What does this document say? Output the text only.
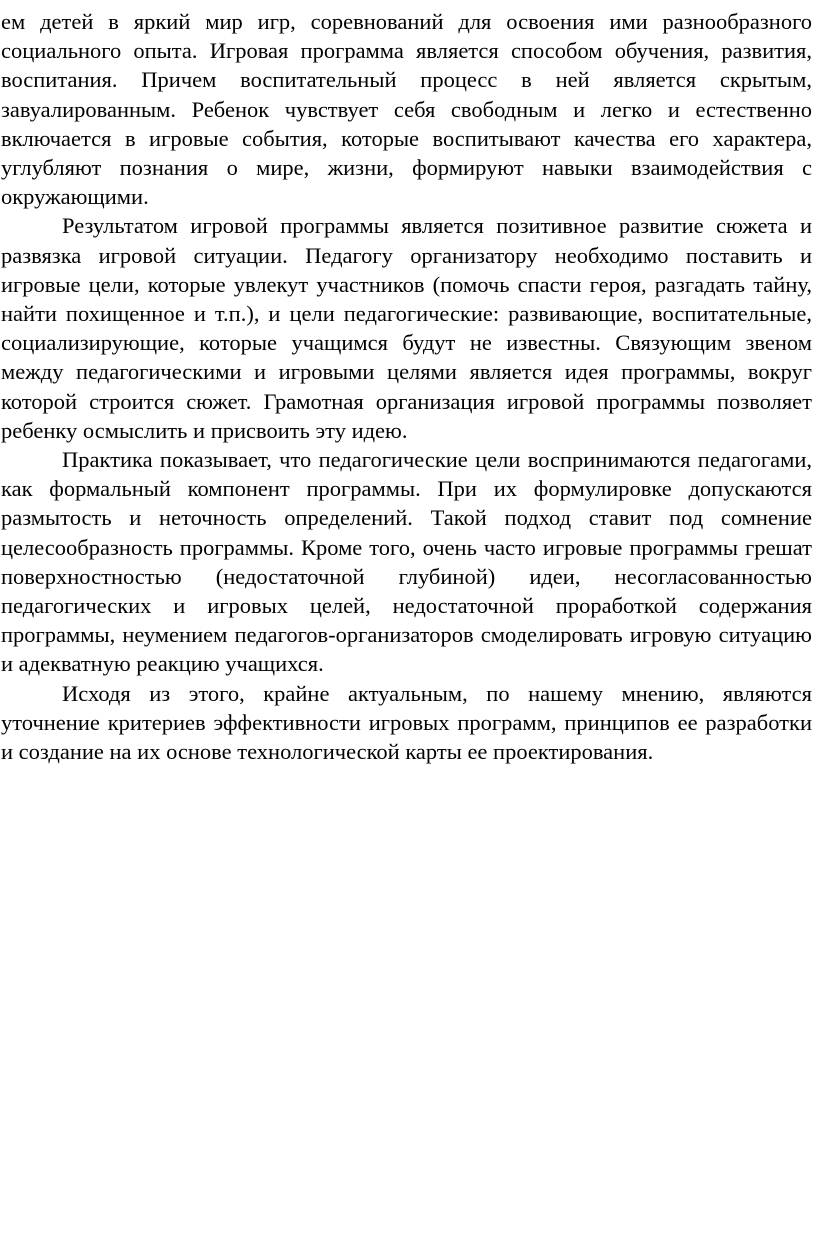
ем детей в яркий мир игр, соревнований для освоения ими разнообразного социального опыта. Игровая программа является способом обучения, развития, воспитания. Причем воспитательный процесс в ней является скрытым, завуалированным. Ребенок чувствует себя свободным и легко и естественно включается в игровые события, которые воспитывают качества его характера, углубляют познания о мире, жизни, формируют навыки взаимодействия с окружающими.

Результатом игровой программы является позитивное развитие сюжета и развязка игровой ситуации. Педагогу организатору необходимо поставить и игровые цели, которые увлекут участников (помочь спасти героя, разгадать тайну, найти похищенное и т.п.), и цели педагогические: развивающие, воспитательные, социализирующие, которые учащимся будут не известны. Связующим звеном между педагогическими и игровыми целями является идея программы, вокруг которой строится сюжет. Грамотная организация игровой программы позволяет ребенку осмыслить и присвоить эту идею.

Практика показывает, что педагогические цели воспринимаются педагогами, как формальный компонент программы. При их формулировке допускаются размытость и неточность определений. Такой подход ставит под сомнение целесообразность программы. Кроме того, очень часто игровые программы грешат поверхностностью (недостаточной глубиной) идеи, несогласованностью педагогических и игровых целей, недостаточной проработкой содержания программы, неумением педагогов-организаторов смоделировать игровую ситуацию и адекватную реакцию учащихся.

Исходя из этого, крайне актуальным, по нашему мнению, являются уточнение критериев эффективности игровых программ, принципов ее разработки и создание на их основе технологической карты ее проектирования.
